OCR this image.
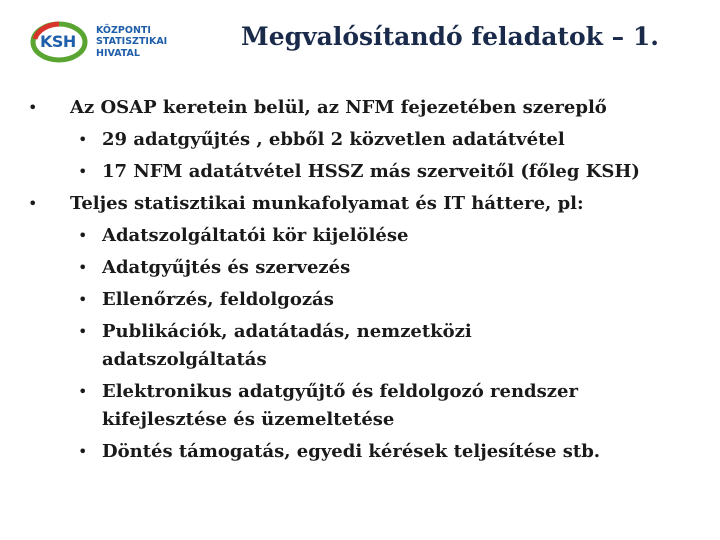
KSH
KÖZPONTI
STATISZTIKAI
HIVATAL
Megvalósítandó feladatok – 1.
• Az OSAP keretein belül, az NFM fejezetében szereplő
• 29 adatgyűjtés , ebből 2 közvetlen adatátvétel
• 17 NFM adatátvétel HSSZ más szerveitől (főleg KSH)
• Teljes statisztikai munkafolyamat és IT háttere, pl:
• Adatszolgáltatói kör kijelölése
• Adatgyűjtés és szervezés
• Ellenőrzés, feldolgozás
• Publikációk, adatátadás, nemzetközi
adatszolgáltatás
• Elektronikus adatgyűjtő és feldolgozó rendszer
kifejlesztése és üzemeltetése
• Döntés támogatás, egyedi kérések teljesítése stb.
